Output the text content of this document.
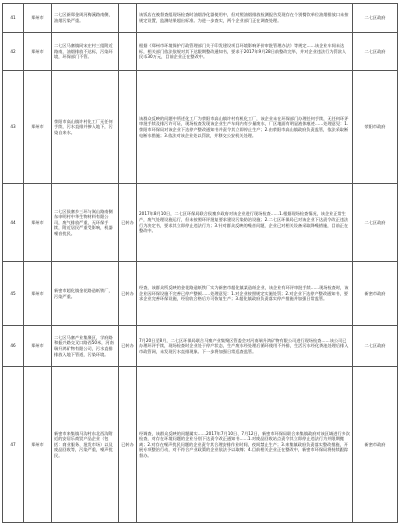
41	郑州市	二七区新郑金周河梅溪路南侧，油烟污染严重。		该饭店在被督查组现场检查时油烟净化器使用中，但对照油烟排放检测报告发现存在个别餐饮单位油烟排放口未按规定设置，监测结果超出标准。为进一步查实，两个企业部门正在调查处理。	二七区政府
42	郑州市	二七区马寨镇同宋庄村三组附近路南，油烟排放不达标，污染环境，环保部门不管。		根据《郑州市环境保护行政管理部门关于印发建设项目环境影响评价审批管理办法》等规定……该企业车间未达标，相关部门依法依规对其下达限期整改通知书，要求于2017年9月28日前整改完毕，并对企业违法行为罚款人民币30万元，目前企业正在整改中。	二七区政府
43	郑州市	荥阳市高山镇许村化工厂无任何手续，污水直排并掺入地下，污染自来水。		该群众反映的问题中所述化工厂为荥阳市高山镇许村有机化工厂，该企业未在环保部门办理任何手续，无任何环评审批手续及排污许可证，现场检查发现该企业生产车间内有少量废水，厂区地面有明显液体痕迹……处理意见：1.荥阳市环保局对该企业下达停产整改通知书并责令其立即停止生产；2.由荥阳市高山镇政府负责监管，依法采取断电断水措施；3.依法对该企业处以罚款，并移交公安机关处理。	荥阳市政府
44	郑州市	二七区侯寨乡三环与嵩山路南侧东申明村中华生物材料有限公司，废气排放严重，无环保手续，附近居民严重受影响，机器噪音扰民。	已转办	2017年8月10日，二七区环保局联合侯寨乡政府对该企业进行现场检查……1.根据现场检查情况，该企业正常生产，废气处理设施运行，但未按照环评批复要求建设污染防治设施；2.二七区环保局已对该企业下达责令改正违法行为决定书，要求其立即停止违法行为；3.针对群众反映的噪音问题，企业已对相关设备采取降噪措施，目前正在整改中。	二七区政府
45	郑州市	新密市超化镇金花路造纸铁厂，污染严重。	已转办	经查，该群众所反映的金花路造纸铁厂实为新密市超化镇某造纸企业，该企业有环评审批手续……现场检查时，该企业因环保设施不完善已停产整顿……处理意见：1.对企业按照规定实施处罚；2.对企业下达停产整改通知书，要求企业完善环保设施，经验收合格后方可恢复生产；3.超化镇政府负责落实停产措施并加强日常监管。	新密市政府
46	郑州市	二七区马寨产业集聚区，学府路和振兴路交叉口路西50米，河南瑞升鸿矿物有限公司，污水直排排放入地下管道，污染环境。	已转办	7月20日至8月，二七区环保局联合马寨产业集聚区管委会对河南瑞升鸿矿物有限公司进行现场检查……该公司已办理环评手续，现场检查时企业处于停产状态，生产废水经处理后循环使用不外排，生活污水经化粪池处理后排入市政管网，未发现污水直排现象。下一步将加强日常巡查监管。	二七区政府
47	郑州市	新密市来集镇马沟村东北西沟附近的安居乐商贸产品企业（包括：商业服务、批发市场）以及废品回收等，污染严重，噪声扰民。	已转办	经调查，该群众反映的问题属实……2017年7月10日、7月12日，新密市环保局联合来集镇政府对该区域进行多次检查，对存在环境问题的企业分别下达责令改正通知书……1.对废品回收站点责令其立即停止违法行为并限期搬离；2.对存在噪声扰民问题的企业责令其合理安排作业时间，夜间禁止生产；3.来集镇政府负责落实整改措施，开展专项整治行动，对不符合产业政策的企业依法予以取缔；4.目前相关企业正在整改中，新密市环保局将持续跟踪督办。	新密市政府
